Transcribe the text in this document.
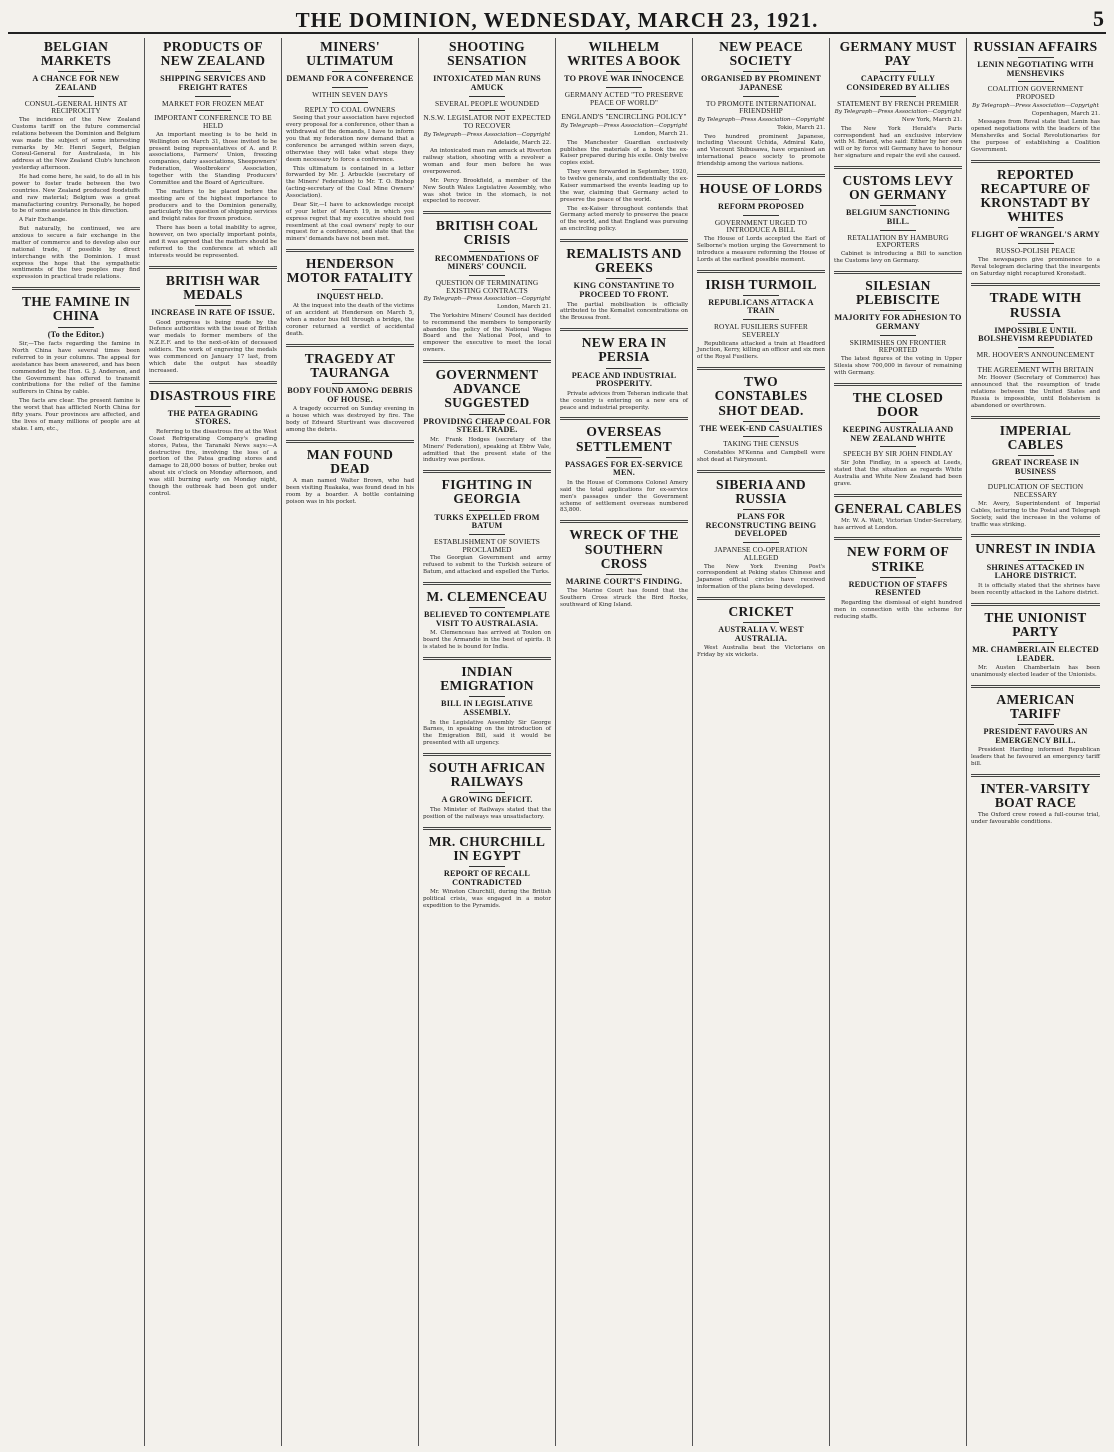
THE DOMINION, WEDNESDAY, MARCH 23, 1921.	5
BELGIAN MARKETS
A CHANCE FOR NEW ZEALAND
CONSUL-GENERAL HINTS AT RECIPROCITY

The incidence of the New Zealand Customs tariff on the future commercial relations between the Dominion and Belgium was made the subject of some interesting remarks by Mr. Henri Segert, Belgian Consul-General for Australasia, in his address at the New Zealand Club's luncheon yesterday afternoon.

He had come here, he said, to do all in his power to foster trade between the two countries. New Zealand produced foodstuffs and raw material; Belgium was a great manufacturing country. Personally, he hoped to be of some assistance in this direction.

A Fair Exchange.

But naturally, he continued, we are anxious to secure a fair exchange in the matter of commerce and to develop also our national trade, if possible by direct interchange with the Dominion. I must express the hope that the sympathetic sentiments of the two peoples may find expression in practical trade relations.

THE FAMINE IN CHINA
(To the Editor.)

Sir,—The facts regarding the famine in North China have several times been referred to in your columns. The appeal for assistance has been answered, and has been commended by the Hon. G. J. Anderson, and the Government has offered to transmit contributions for the relief of the famine sufferers in China by cable.

The facts are clear. The present famine is the worst that has afflicted North China for fifty years. Four provinces are affected, and the lives of many millions of people are at stake. I am, etc.,

PRODUCTS OF NEW ZEALAND
SHIPPING SERVICES AND FREIGHT RATES
MARKET FOR FROZEN MEAT
IMPORTANT CONFERENCE TO BE HELD

An important meeting is to be held in Wellington on March 31, those invited to be present being representatives of A. and P. associations, Farmers' Union, freezing companies, dairy associations, Sheepowners' Federation, Woolbrokers' Association, together with the Standing Producers' Committee and the Board of Agriculture.

The matters to be placed before the meeting are of the highest importance to producers and to the Dominion generally, particularly the question of shipping services and freight rates for frozen produce.

There has been a total inability to agree, however, on two specially important points, and it was agreed that the matters should be referred to the conference at which all interests would be represented.

BRITISH WAR MEDALS
INCREASE IN RATE OF ISSUE.

Good progress is being made by the Defence authorities with the issue of British war medals to former members of the N.Z.E.F. and to the next-of-kin of deceased soldiers. The work of engraving the medals was commenced on January 17 last, from which date the output has steadily increased.

DISASTROUS FIRE
THE PATEA GRADING STORES.

Referring to the disastrous fire at the West Coast Refrigerating Company's grading stores, Patea, the Taranaki News says:—A destructive fire, involving the loss of a portion of the Patea grading stores and damage to 28,000 boxes of butter, broke out about six o'clock on Monday afternoon, and was still burning early on Monday night, though the outbreak had been got under control.

MINERS' ULTIMATUM
DEMAND FOR A CONFERENCE
WITHIN SEVEN DAYS
REPLY TO COAL OWNERS

Seeing that your association have rejected every proposal for a conference, other than a withdrawal of the demands, I have to inform you that my federation now demand that a conference be arranged within seven days, otherwise they will take what steps they deem necessary to force a conference.

This ultimatum is contained in a letter forwarded by Mr. J. Arbuckle (secretary of the Miners' Federation) to Mr. T. O. Bishop (acting-secretary of the Coal Mine Owners' Association).

Dear Sir,—I have to acknowledge receipt of your letter of March 19, in which you express regret that my executive should feel resentment at the coal owners' reply to our request for a conference, and state that the miners' demands have not been met.

HENDERSON MOTOR FATALITY
INQUEST HELD.

At the inquest into the death of the victims of an accident at Henderson on March 5, when a motor bus fell through a bridge, the coroner returned a verdict of accidental death.

TRAGEDY AT TAURANGA
BODY FOUND AMONG DEBRIS OF HOUSE.

A tragedy occurred on Sunday evening in a house which was destroyed by fire. The body of Edward Sturtivant was discovered among the debris.

MAN FOUND DEAD

A man named Walter Brown, who had been visiting Ruakaka, was found dead in his room by a boarder. A bottle containing poison was in his pocket.

SHOOTING SENSATION
INTOXICATED MAN RUNS AMUCK
SEVERAL PEOPLE WOUNDED
N.S.W. LEGISLATOR NOT EXPECTED TO RECOVER
By Telegraph—Press Association—Copyright
Adelaide, March 22.

An intoxicated man ran amuck at Riverton railway station, shooting with a revolver a woman and four men before he was overpowered.

Mr. Percy Brookfield, a member of the New South Wales Legislative Assembly, who was shot twice in the stomach, is not expected to recover.

BRITISH COAL CRISIS
RECOMMENDATIONS OF MINERS' COUNCIL
QUESTION OF TERMINATING EXISTING CONTRACTS
By Telegraph—Press Association—Copyright
London, March 21.

The Yorkshire Miners' Council has decided to recommend the members to temporarily abandon the policy of the National Wages Board and the National Pool, and to empower the executive to meet the local owners.

GOVERNMENT ADVANCE SUGGESTED
PROVIDING CHEAP COAL FOR STEEL TRADE.

Mr. Frank Hodges (secretary of the Miners' Federation), speaking at Ebbw Vale, admitted that the present state of the industry was perilous.

FIGHTING IN GEORGIA
TURKS EXPELLED FROM BATUM
ESTABLISHMENT OF SOVIETS PROCLAIMED

The Georgian Government and army refused to submit to the Turkish seizure of Batum, and attacked and expelled the Turks.

M. CLEMENCEAU
BELIEVED TO CONTEMPLATE VISIT TO AUSTRALASIA.

M. Clemenceau has arrived at Toulon on board the Armandie in the best of spirits. It is stated he is bound for India.

INDIAN EMIGRATION
BILL IN LEGISLATIVE ASSEMBLY.

In the Legislative Assembly Sir George Barnes, in speaking on the introduction of the Emigration Bill, said it would be presented with all urgency.

SOUTH AFRICAN RAILWAYS
A GROWING DEFICIT.

The Minister of Railways stated that the position of the railways was unsatisfactory.

MR. CHURCHILL IN EGYPT
REPORT OF RECALL CONTRADICTED

Mr. Winston Churchill, during the British political crisis, was engaged in a motor expedition to the Pyramids.

WILHELM WRITES A BOOK
TO PROVE WAR INNOCENCE
GERMANY ACTED "TO PRESERVE PEACE OF WORLD"
ENGLAND'S "ENCIRCLING POLICY"
By Telegraph—Press Association—Copyright
London, March 21.

The Manchester Guardian exclusively publishes the materials of a book the ex-Kaiser prepared during his exile. Only twelve copies exist.

They were forwarded in September, 1920, to twelve generals, and confidentially the ex-Kaiser summarised the events leading up to the war, claiming that Germany acted to preserve the peace of the world.

The ex-Kaiser throughout contends that Germany acted merely to preserve the peace of the world, and that England was pursuing an encircling policy.

REMALISTS AND GREEKS
KING CONSTANTINE TO PROCEED TO FRONT.

The partial mobilisation is officially attributed to the Kemalist concentrations on the Broussa front.

NEW ERA IN PERSIA
PEACE AND INDUSTRIAL PROSPERITY.

Private advices from Teheran indicate that the country is entering on a new era of peace and industrial prosperity.

OVERSEAS SETTLEMENT
PASSAGES FOR EX-SERVICE MEN.

In the House of Commons Colonel Amery said the total applications for ex-service men's passages under the Government scheme of settlement overseas numbered 83,800.

WRECK OF THE SOUTHERN CROSS
MARINE COURT'S FINDING.

The Marine Court has found that the Southern Cross struck the Bird Rocks, southward of King Island.

NEW PEACE SOCIETY
ORGANISED BY PROMINENT JAPANESE
TO PROMOTE INTERNATIONAL FRIENDSHIP
By Telegraph—Press Association—Copyright
Tokio, March 21.

Two hundred prominent Japanese, including Viscount Uchida, Admiral Kato, and Viscount Shibusawa, have organised an international peace society to promote friendship among the various nations.

HOUSE OF LORDS
REFORM PROPOSED
GOVERNMENT URGED TO INTRODUCE A BILL

The House of Lords accepted the Earl of Selborne's motion urging the Government to introduce a measure reforming the House of Lords at the earliest possible moment.

IRISH TURMOIL
REPUBLICANS ATTACK A TRAIN
ROYAL FUSILIERS SUFFER SEVERELY

Republicans attacked a train at Headford Junction, Kerry, killing an officer and six men of the Royal Fusiliers.

TWO CONSTABLES SHOT DEAD.
THE WEEK-END CASUALTIES
TAKING THE CENSUS

Constables M'Kenna and Campbell were shot dead at Fairymount.

SIBERIA AND RUSSIA
PLANS FOR RECONSTRUCTING BEING DEVELOPED
JAPANESE CO-OPERATION ALLEGED

The New York Evening Post's correspondent at Peking states Chinese and Japanese official circles have received information of the plans being developed.

CRICKET
AUSTRALIA V. WEST AUSTRALIA.

West Australia beat the Victorians on Friday by six wickets.

GERMANY MUST PAY
CAPACITY FULLY CONSIDERED BY ALLIES
STATEMENT BY FRENCH PREMIER
By Telegraph—Press Association—Copyright
New York, March 21.

The New York Herald's Paris correspondent had an exclusive interview with M. Briand, who said: Either by her own will or by force will Germany have to honour her signature and repair the evil she caused.

CUSTOMS LEVY ON GERMANY
BELGIUM SANCTIONING BILL.
RETALIATION BY HAMBURG EXPORTERS

Cabinet is introducing a Bill to sanction the Customs levy on Germany.

SILESIAN PLEBISCITE
MAJORITY FOR ADHESION TO GERMANY
SKIRMISHES ON FRONTIER REPORTED

The latest figures of the voting in Upper Silesia show 700,000 in favour of remaining with Germany.

THE CLOSED DOOR
KEEPING AUSTRALIA AND NEW ZEALAND WHITE
SPEECH BY SIR JOHN FINDLAY

Sir John Findlay, in a speech at Leeds, stated that the situation as regards White Australia and White New Zealand had been grave.

GENERAL CABLES

Mr. W. A. Watt, Victorian Under-Secretary, has arrived at London.

NEW FORM OF STRIKE
REDUCTION OF STAFFS RESENTED

Regarding the dismissal of eight hundred men in connection with the scheme for reducing staffs.

RUSSIAN AFFAIRS
LENIN NEGOTIATING WITH MENSHEVIKS
COALITION GOVERNMENT PROPOSED
By Telegraph—Press Association—Copyright
Copenhagen, March 21.

Messages from Reval state that Lenin has opened negotiations with the leaders of the Mensheviks and Social Revolutionaries for the purpose of establishing a Coalition Government.

REPORTED RECAPTURE OF KRONSTADT BY WHITES
FLIGHT OF WRANGEL'S ARMY
RUSSO-POLISH PEACE

The newspapers give prominence to a Reval telegram declaring that the insurgents on Saturday night recaptured Kronstadt.

TRADE WITH RUSSIA
IMPOSSIBLE UNTIL BOLSHEVISM REPUDIATED
MR. HOOVER'S ANNOUNCEMENT
THE AGREEMENT WITH BRITAIN

Mr. Hoover (Secretary of Commerce) has announced that the resumption of trade relations between the United States and Russia is impossible, until Bolshevism is abandoned or overthrown.

IMPERIAL CABLES
GREAT INCREASE IN BUSINESS
DUPLICATION OF SECTION NECESSARY

Mr. Avery, Superintendent of Imperial Cables, lecturing to the Postal and Telegraph Society, said the increase in the volume of traffic was striking.

UNREST IN INDIA
SHRINES ATTACKED IN LAHORE DISTRICT.

It is officially stated that the shrines have been recently attacked in the Lahore district.

THE UNIONIST PARTY
MR. CHAMBERLAIN ELECTED LEADER.

Mr. Austen Chamberlain has been unanimously elected leader of the Unionists.

AMERICAN TARIFF
PRESIDENT FAVOURS AN EMERGENCY BILL.

President Harding informed Republican leaders that he favoured an emergency tariff bill.

INTER-VARSITY BOAT RACE

The Oxford crew rowed a full-course trial, under favourable conditions.
